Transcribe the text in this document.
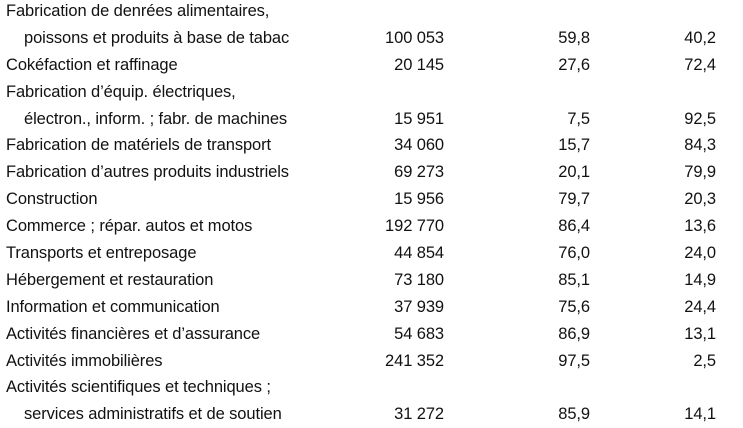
Fabrication de denrées alimentaires,
poissons et produits à base de tabac	100 053	59,8	40,2
Cokéfaction et raffinage	20 145	27,6	72,4
Fabrication d’équip. électriques,
électron., inform. ; fabr. de machines	15 951	7,5	92,5
Fabrication de matériels de transport	34 060	15,7	84,3
Fabrication d’autres produits industriels	69 273	20,1	79,9
Construction	15 956	79,7	20,3
Commerce ; répar. autos et motos	192 770	86,4	13,6
Transports et entreposage	44 854	76,0	24,0
Hébergement et restauration	73 180	85,1	14,9
Information et communication	37 939	75,6	24,4
Activités financières et d’assurance	54 683	86,9	13,1
Activités immobilières	241 352	97,5	2,5
Activités scientifiques et techniques ;
services administratifs et de soutien	31 272	85,9	14,1
